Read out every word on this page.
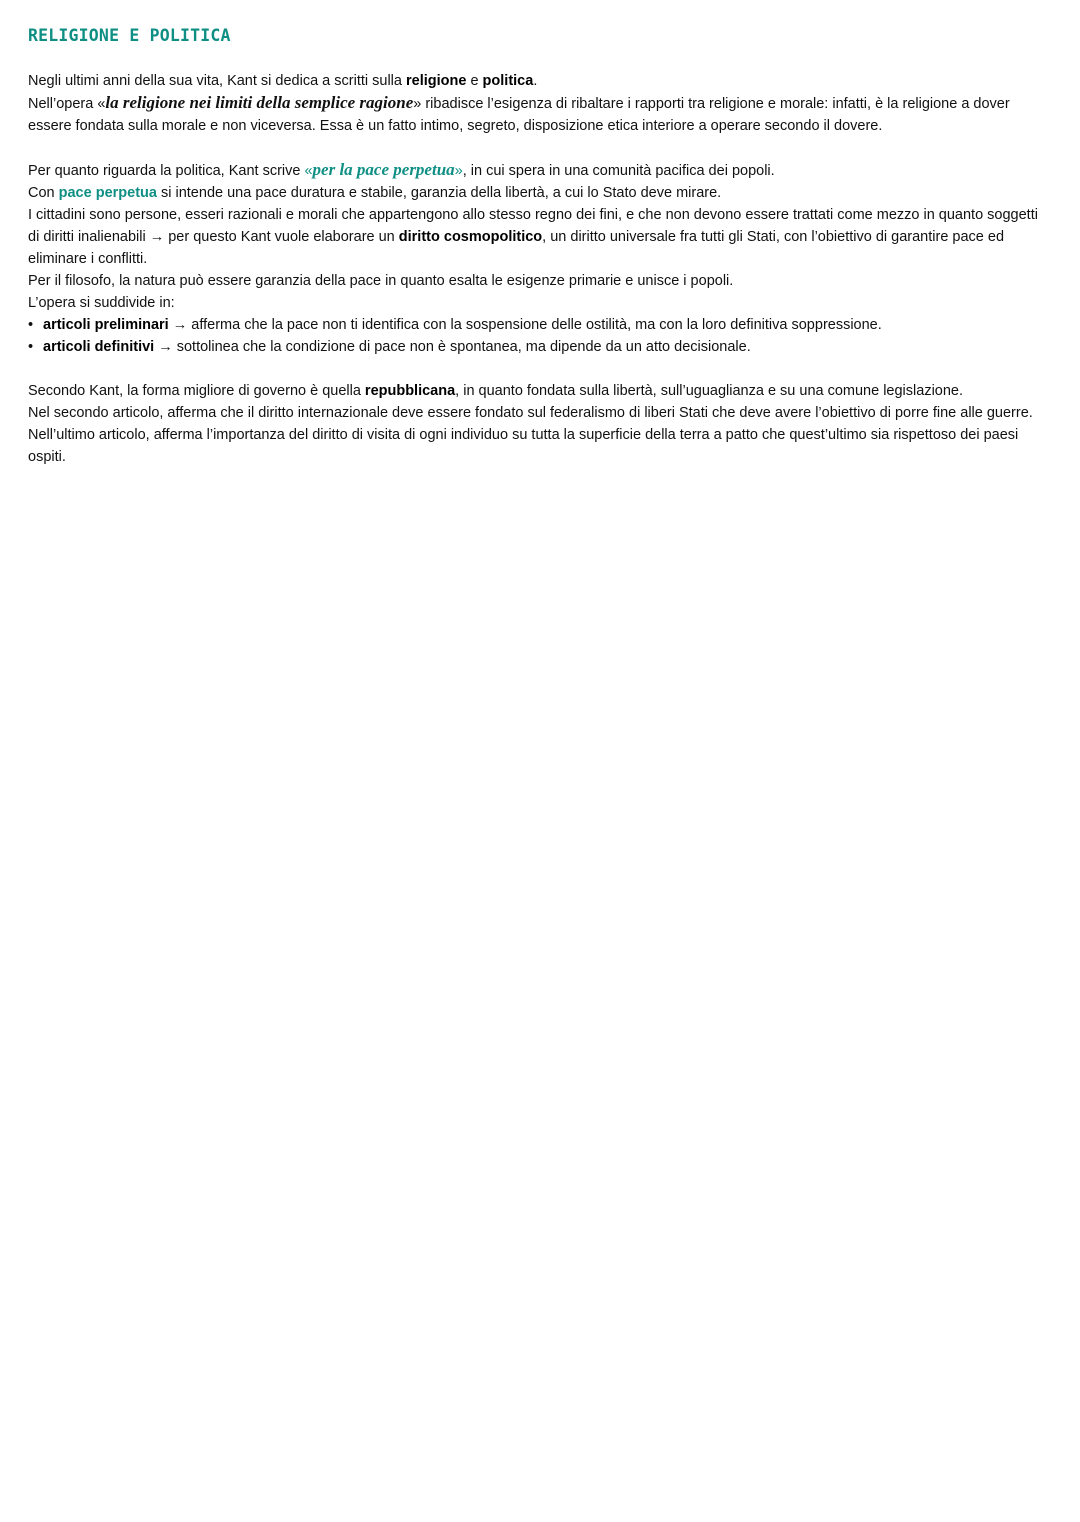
RELIGIONE E POLITICA

Negli ultimi anni della sua vita, Kant si dedica a scritti sulla religione e politica.

Nell’opera «la religione nei limiti della semplice ragione» ribadisce l’esigenza di ribaltare i rapporti tra religione e morale: infatti, è la religione a dover essere fondata sulla morale e non viceversa. Essa è un fatto intimo, segreto, disposizione etica interiore a operare secondo il dovere.

Per quanto riguarda la politica, Kant scrive «per la pace perpetua», in cui spera in una comunità pacifica dei popoli.

Con pace perpetua si intende una pace duratura e stabile, garanzia della libertà, a cui lo Stato deve mirare.

I cittadini sono persone, esseri razionali e morali che appartengono allo stesso regno dei fini, e che non devono essere trattati come mezzo in quanto soggetti di diritti inalienabili → per questo Kant vuole elaborare un diritto cosmopolitico, un diritto universale fra tutti gli Stati, con l’obiettivo di garantire pace ed eliminare i conflitti.

Per il filosofo, la natura può essere garanzia della pace in quanto esalta le esigenze primarie e unisce i popoli.

L’opera si suddivide in:

• articoli preliminari → afferma che la pace non ti identifica con la sospensione delle ostilità, ma con la loro definitiva soppressione.
• articoli definitivi → sottolinea che la condizione di pace non è spontanea, ma dipende da un atto decisionale.

Secondo Kant, la forma migliore di governo è quella repubblicana, in quanto fondata sulla libertà, sull’uguaglianza e su una comune legislazione.

Nel secondo articolo, afferma che il diritto internazionale deve essere fondato sul federalismo di liberi Stati che deve avere l’obiettivo di porre fine alle guerre.

Nell’ultimo articolo, afferma l’importanza del diritto di visita di ogni individuo su tutta la superficie della terra a patto che quest’ultimo sia rispettoso dei paesi ospiti.
